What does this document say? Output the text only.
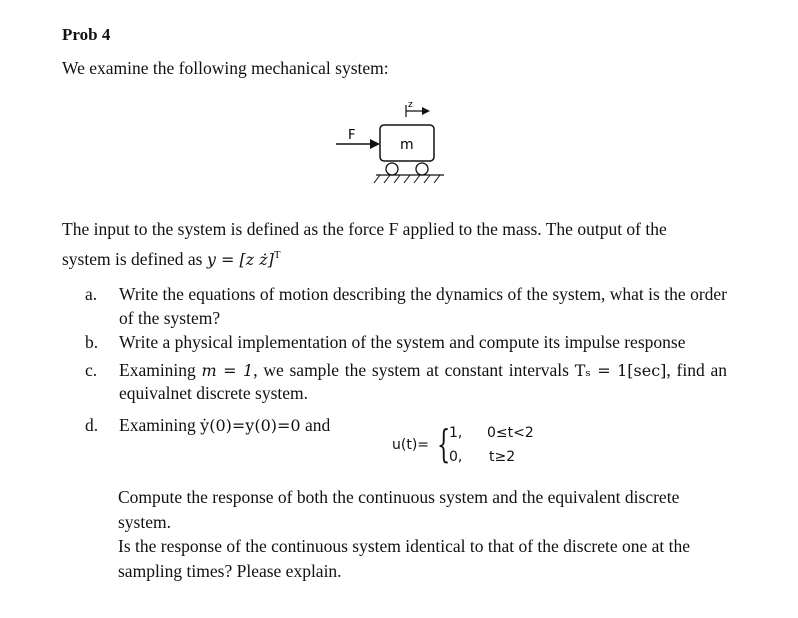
Prob 4
We examine the following mechanical system:
z
F
m
The input to the system is defined as the force F applied to the mass. The output of the
system is defined as y = [z ż]$^T$
a.	Write the equations of motion describing the dynamics of the system, what is the order of the system?
b.	Write a physical implementation of the system and compute its impulse response
c.	Examining m = 1, we sample the system at constant intervals Tₛ = 1[sec], find an equivalnet discrete system.
d.	Examining ẏ(0)=y(0)=0 and
u(t)= {
1, 0≤t<2
0, t≥2

Compute the response of both the continuous system and the equivalent discrete system.

Is the response of the continuous system identical to that of the discrete one at the sampling times? Please explain.
